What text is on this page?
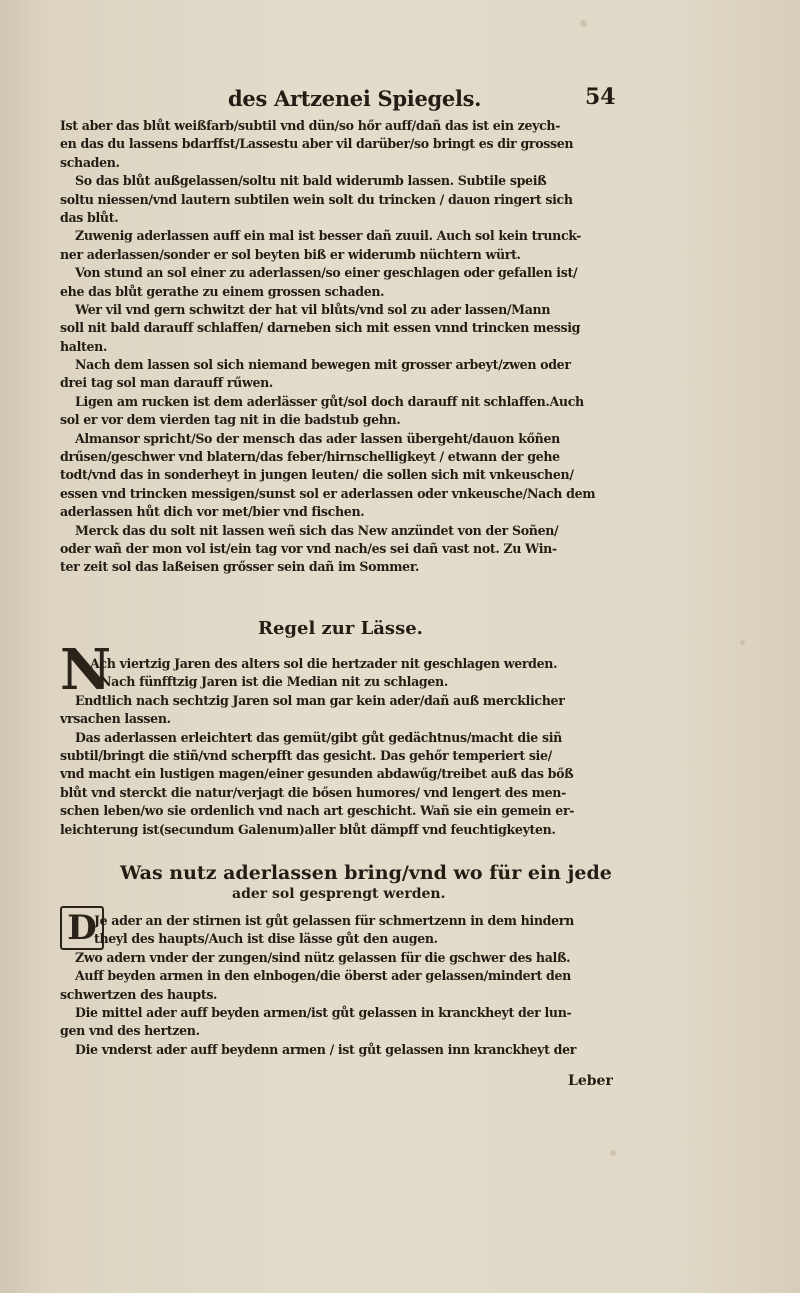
des Artzenei Spiegels.	54
Ist aber das blůt weißfarb/subtil vnd dün/so hőr auff/dañ das ist ein zeych-
en das du lassens bdarffst/Lassestu aber vil darüber/so bringt es dir grossen
schaden.
So das blůt außgelassen/soltu nit bald widerumb lassen. Subtile speiß
soltu niessen/vnd lautern subtilen wein solt du trincken / dauon ringert sich
das blůt.
Zuwenig aderlassen auff ein mal ist besser dañ zuuil. Auch sol kein trunck-
ner aderlassen/sonder er sol beyten biß er widerumb nüchtern würt.
Von stund an sol einer zu aderlassen/so einer geschlagen oder gefallen ist/
ehe das blůt gerathe zu einem grossen schaden.
Wer vil vnd gern schwitzt der hat vil blůts/vnd sol zu ader lassen/Mann
soll nit bald darauff schlaffen/ darneben sich mit essen vnnd trincken messig
halten.
Nach dem lassen sol sich niemand bewegen mit grosser arbeyt/zwen oder
drei tag sol man darauff rűwen.
Ligen am rucken ist dem aderlässer gůt/sol doch darauff nit schlaffen.Auch
sol er vor dem vierden tag nit in die badstub gehn.
Almansor spricht/So der mensch das ader lassen übergeht/dauon kőñen
drűsen/geschwer vnd blatern/das feber/hirnschelligkeyt / etwann der gehe
todt/vnd das in sonderheyt in jungen leuten/ die sollen sich mit vnkeuschen/
essen vnd trincken messigen/sunst sol er aderlassen oder vnkeusche/Nach dem
aderlassen hůt dich vor met/bier vnd fischen.
Merck das du solt nit lassen weñ sich das New anzündet von der Soñen/
oder wañ der mon vol ist/ein tag vor vnd nach/es sei dañ vast not. Zu Win-
ter zeit sol das laßeisen grősser sein dañ im Sommer.
Regel zur Lässe.
N
Ach viertzig Jaren des alters sol die hertzader nit geschlagen werden.
Nach fünfftzig Jaren ist die Median nit zu schlagen.
Endtlich nach sechtzig Jaren sol man gar kein ader/dañ auß mercklicher
vrsachen lassen.
Das aderlassen erleichtert das gemüt/gibt gůt gedächtnus/macht die siñ
subtil/bringt die stiñ/vnd scherpfft das gesicht. Das gehőr temperiert sie/
vnd macht ein lustigen magen/einer gesunden abdawűg/treibet auß das bőß
blůt vnd sterckt die natur/verjagt die bősen humores/ vnd lengert des men-
schen leben/wo sie ordenlich vnd nach art geschicht. Wañ sie ein gemein er-
leichterung ist(secundum Galenum)aller blůt dämpff vnd feuchtigkeyten.
Was nutz aderlassen bring/vnd wo für ein jede
ader sol gesprengt werden.
D
Je ader an der stirnen ist gůt gelassen für schmertzenn in dem hindern
theyl des haupts/Auch ist dise lässe gůt den augen.
Zwo adern vnder der zungen/sind nütz gelassen für die gschwer des halß.
Auff beyden armen in den elnbogen/die öberst ader gelassen/mindert den
schwertzen des haupts.
Die mittel ader auff beyden armen/ist gůt gelassen in kranckheyt der lun-
gen vnd des hertzen.
Die vnderst ader auff beydenn armen / ist gůt gelassen inn kranckheyt der
Leber
